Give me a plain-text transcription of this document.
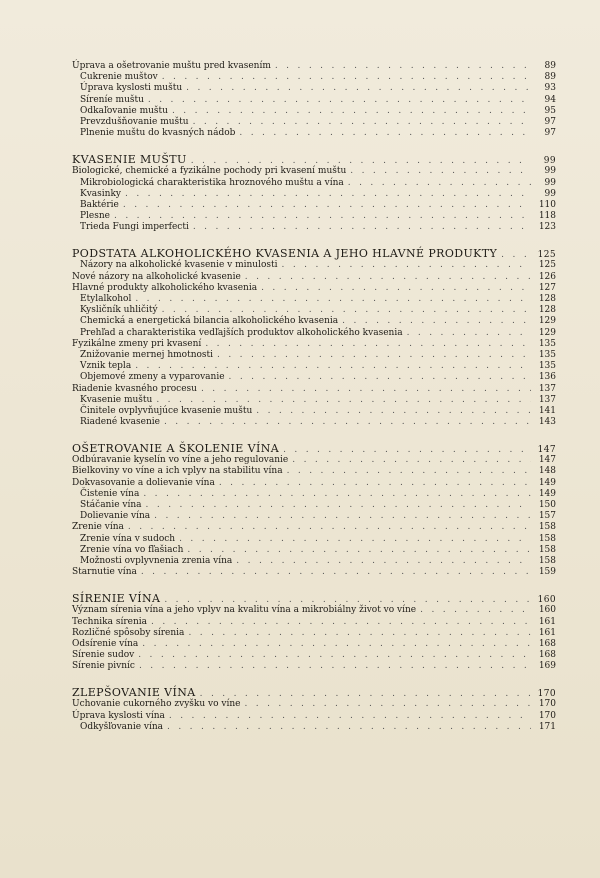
Úprava a ošetrovanie muštu pred kvasením . . .	89
Cukrenie muštov . . .	89
Úprava kyslosti muštu . . .	93
Síreníe muštu . . .	94
Odkaľovanie muštu . . .	95
Prevzdušňovanie muštu . . .	97
Plnenie muštu do kvasných nádob . . .	97
KVASENIE MUŠTU . . .	99
Biologické, chemické a fyzikálne pochody pri kvasení muštu . . .	99
Mikrobiologická charakteristika hroznového muštu a vína . . .	99
Kvasinky . . .	99
Baktérie . . .	110
Plesne . . .	118
Trieda Fungi imperfecti . . .	123
PODSTATA ALKOHOLICKÉHO KVASENIA A JEHO HLAVNÉ PRODUKTY . . .	125
Názory na alkoholické kvasenie v minulosti . . .	125
Nové názory na alkoholické kvasenie . . .	126
Hlavné produkty alkoholického kvasenia . . .	127
Etylalkohol . . .	128
Kysličník uhličitý . . .	128
Chemická a energetická bilancia alkoholického kvasenia . . .	129
Prehľad a charakteristika vedľajších produktov alkoholického kvasenia . . .	129
Fyzikálne zmeny pri kvasení . . .	135
Znižovanie mernej hmotnosti . . .	135
Vznik tepla . . .	135
Objemové zmeny a vyparovanie . . .	136
Riadenie kvasného procesu . . .	137
Kvasenie muštu . . .	137
Činitele ovplyvňujúce kvasenie muštu . . .	141
Riadené kvasenie . . .	143
OŠETROVANIE A ŠKOLENIE VÍNA . . .	147
Odbúravanie kyselín vo víne a jeho regulovanie . . .	147
Bielkoviny vo víne a ich vplyv na stabilitu vína . . .	148
Dokvasovanie a dolievanie vína . . .	149
Čistenie vína . . .	149
Stáčanie vína . . .	150
Dolievanie vína . . .	157
Zrenie vína . . .	158
Zrenie vína v sudoch . . .	158
Zrenie vína vo fľašiach . . .	158
Možnosti ovplyvnenia zrenia vína . . .	158
Starnutie vína . . .	159
SÍRENIE VÍNA . . .	160
Význam sírenia vína a jeho vplyv na kvalitu vína a mikrobiálny život vo víne . . .	160
Technika sírenia . . .	161
Rozličné spôsoby sírenia . . .	161
Odsírenie vína . . .	168
Sírenie sudov . . .	168
Sírenie pivníc . . .	169
ZLEPŠOVANIE VÍNA . . .	170
Uchovanie cukorného zvyšku vo víne . . .	170
Úprava kyslosti vína . . .	170
Odkyšľovanie vína . . .	171
